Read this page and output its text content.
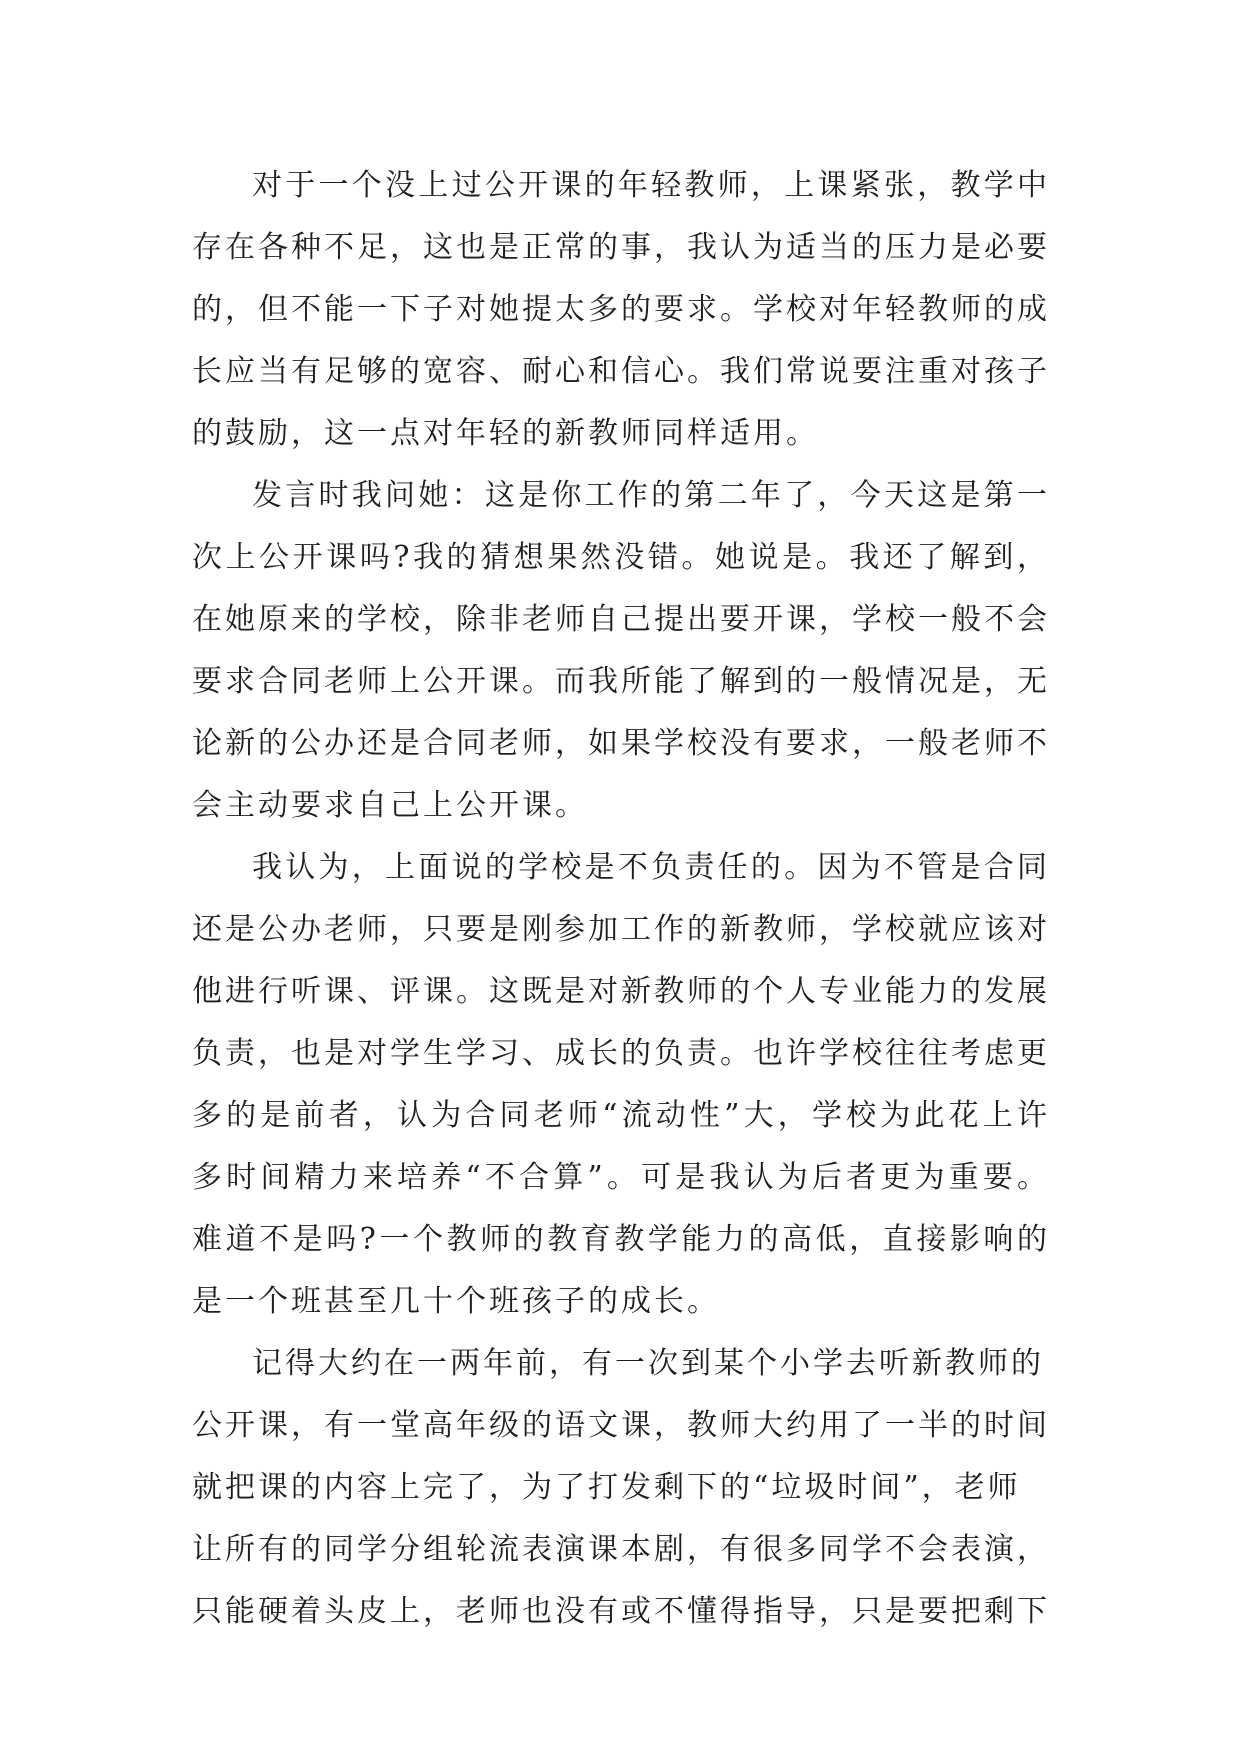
对于一个没上过公开课的年轻教师，上课紧张，教学中存在各种不足，这也是正常的事，我认为适当的压力是必要的，但不能一下子对她提太多的要求。学校对年轻教师的成长应当有足够的宽容、耐心和信心。我们常说要注重对孩子的鼓励，这一点对年轻的新教师同样适用。

发言时我问她：这是你工作的第二年了，今天这是第一次上公开课吗?我的猜想果然没错。她说是。我还了解到，在她原来的学校，除非老师自己提出要开课，学校一般不会要求合同老师上公开课。而我所能了解到的一般情况是，无论新的公办还是合同老师，如果学校没有要求，一般老师不会主动要求自己上公开课。

我认为，上面说的学校是不负责任的。因为不管是合同还是公办老师，只要是刚参加工作的新教师，学校就应该对他进行听课、评课。这既是对新教师的个人专业能力的发展负责，也是对学生学习、成长的负责。也许学校往往考虑更多的是前者，认为合同老师“流动性”大，学校为此花上许多时间精力来培养“不合算”。可是我认为后者更为重要。难道不是吗?一个教师的教育教学能力的高低，直接影响的是一个班甚至几十个班孩子的成长。

记得大约在一两年前，有一次到某个小学去听新教师的公开课，有一堂高年级的语文课，教师大约用了一半的时间就把课的内容上完了，为了打发剩下的“垃圾时间”，老师让所有的同学分组轮流表演课本剧，有很多同学不会表演，只能硬着头皮上，老师也没有或不懂得指导，只是要把剩下
